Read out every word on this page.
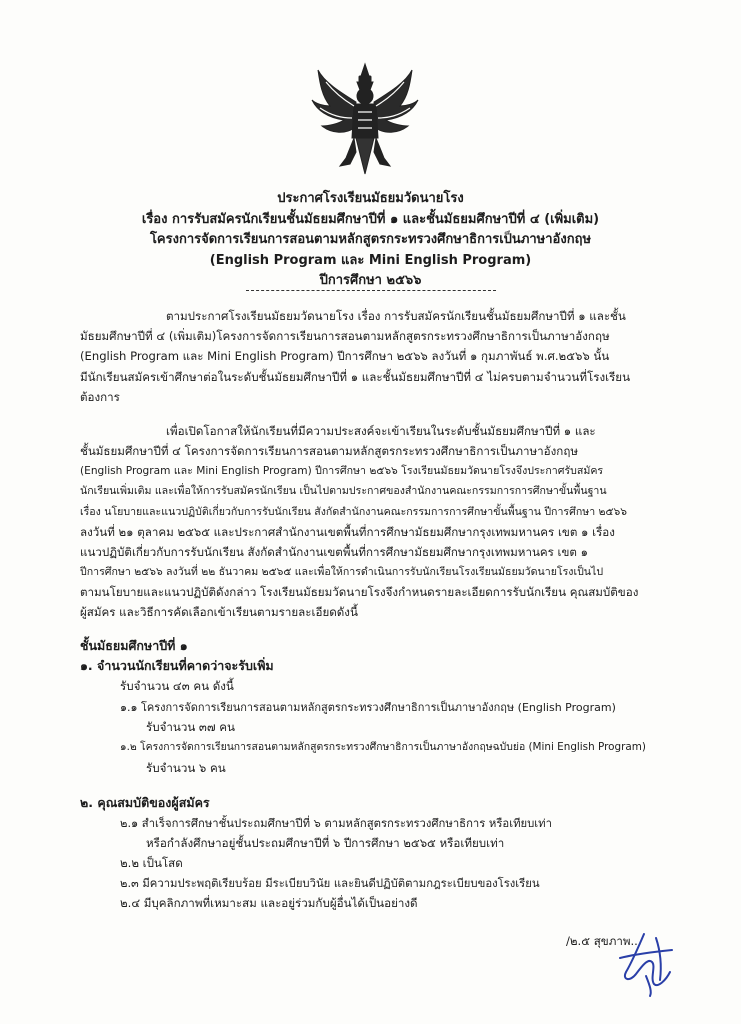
ประกาศโรงเรียนมัธยมวัดนายโรง
เรื่อง การรับสมัครนักเรียนชั้นมัธยมศึกษาปีที่ ๑ และชั้นมัธยมศึกษาปีที่ ๔ (เพิ่มเติม)
โครงการจัดการเรียนการสอนตามหลักสูตรกระทรวงศึกษาธิการเป็นภาษาอังกฤษ
(English Program และ Mini English Program)
ปีการศึกษา ๒๕๖๖
ตามประกาศโรงเรียนมัธยมวัดนายโรง เรื่อง การรับสมัครนักเรียนชั้นมัธยมศึกษาปีที่ ๑ และชั้น
มัธยมศึกษาปีที่ ๔ (เพิ่มเติม)โครงการจัดการเรียนการสอนตามหลักสูตรกระทรวงศึกษาธิการเป็นภาษาอังกฤษ
(English Program และ Mini English Program) ปีการศึกษา ๒๕๖๖ ลงวันที่ ๑ กุมภาพันธ์ พ.ศ.๒๕๖๖ นั้น
มีนักเรียนสมัครเข้าศึกษาต่อในระดับชั้นมัธยมศึกษาปีที่ ๑ และชั้นมัธยมศึกษาปีที่ ๔ ไม่ครบตามจำนวนที่โรงเรียน
ต้องการ
เพื่อเปิดโอกาสให้นักเรียนที่มีความประสงค์จะเข้าเรียนในระดับชั้นมัธยมศึกษาปีที่ ๑ และ
ชั้นมัธยมศึกษาปีที่ ๔ โครงการจัดการเรียนการสอนตามหลักสูตรกระทรวงศึกษาธิการเป็นภาษาอังกฤษ
(English Program และ Mini English Program) ปีการศึกษา ๒๕๖๖ โรงเรียนมัธยมวัดนายโรงจึงประกาศรับสมัคร
นักเรียนเพิ่มเติม และเพื่อให้การรับสมัครนักเรียน เป็นไปตามประกาศของสำนักงานคณะกรรมการการศึกษาขั้นพื้นฐาน
เรื่อง นโยบายและแนวปฏิบัติเกี่ยวกับการรับนักเรียน สังกัดสำนักงานคณะกรรมการการศึกษาขั้นพื้นฐาน ปีการศึกษา ๒๕๖๖
ลงวันที่ ๒๑ ตุลาคม ๒๕๖๕ และประกาศสำนักงานเขตพื้นที่การศึกษามัธยมศึกษากรุงเทพมหานคร เขต ๑ เรื่อง
แนวปฏิบัติเกี่ยวกับการรับนักเรียน สังกัดสำนักงานเขตพื้นที่การศึกษามัธยมศึกษากรุงเทพมหานคร เขต ๑
ปีการศึกษา ๒๕๖๖ ลงวันที่ ๒๒ ธันวาคม ๒๕๖๕ และเพื่อให้การดำเนินการรับนักเรียนโรงเรียนมัธยมวัดนายโรงเป็นไป
ตามนโยบายและแนวปฏิบัติดังกล่าว โรงเรียนมัธยมวัดนายโรงจึงกำหนดรายละเอียดการรับนักเรียน คุณสมบัติของ
ผู้สมัคร และวิธีการคัดเลือกเข้าเรียนตามรายละเอียดดังนี้
ชั้นมัธยมศึกษาปีที่ ๑
๑. จำนวนนักเรียนที่คาดว่าจะรับเพิ่ม
รับจำนวน ๔๓ คน ดังนี้
๑.๑ โครงการจัดการเรียนการสอนตามหลักสูตรกระทรวงศึกษาธิการเป็นภาษาอังกฤษ (English Program)
รับจำนวน ๓๗ คน
๑.๒ โครงการจัดการเรียนการสอนตามหลักสูตรกระทรวงศึกษาธิการเป็นภาษาอังกฤษฉบับย่อ (Mini English Program)
รับจำนวน ๖ คน
๒. คุณสมบัติของผู้สมัคร
๒.๑ สำเร็จการศึกษาชั้นประถมศึกษาปีที่ ๖ ตามหลักสูตรกระทรวงศึกษาธิการ หรือเทียบเท่า
หรือกำลังศึกษาอยู่ชั้นประถมศึกษาปีที่ ๖ ปีการศึกษา ๒๕๖๕ หรือเทียบเท่า
๒.๒ เป็นโสด
๒.๓ มีความประพฤติเรียบร้อย มีระเบียบวินัย และยินดีปฏิบัติตามกฎระเบียบของโรงเรียน
๒.๔ มีบุคลิกภาพที่เหมาะสม และอยู่ร่วมกับผู้อื่นได้เป็นอย่างดี
/๒.๕ สุขภาพ...
